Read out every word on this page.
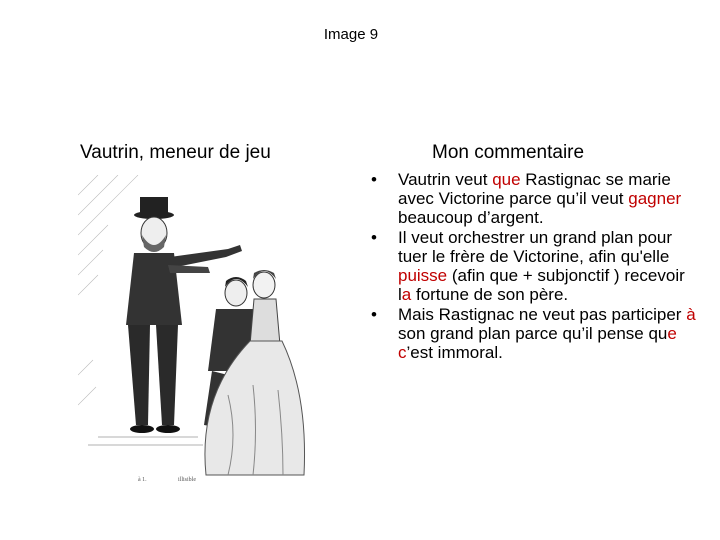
Image 9
Vautrin, meneur de jeu	Mon commentaire
à 1.	illisible
• Vautrin veut que Rastignac se marie avec Victorine parce qu’il veut gagner beaucoup d’argent.
• Il veut orchestrer un grand plan pour tuer le frère de Victorine, afin qu'elle puisse (afin que + subjonctif ) recevoir la fortune de son père.
• Mais Rastignac ne veut pas participer à son grand plan parce qu’il pense que c’est immoral.
